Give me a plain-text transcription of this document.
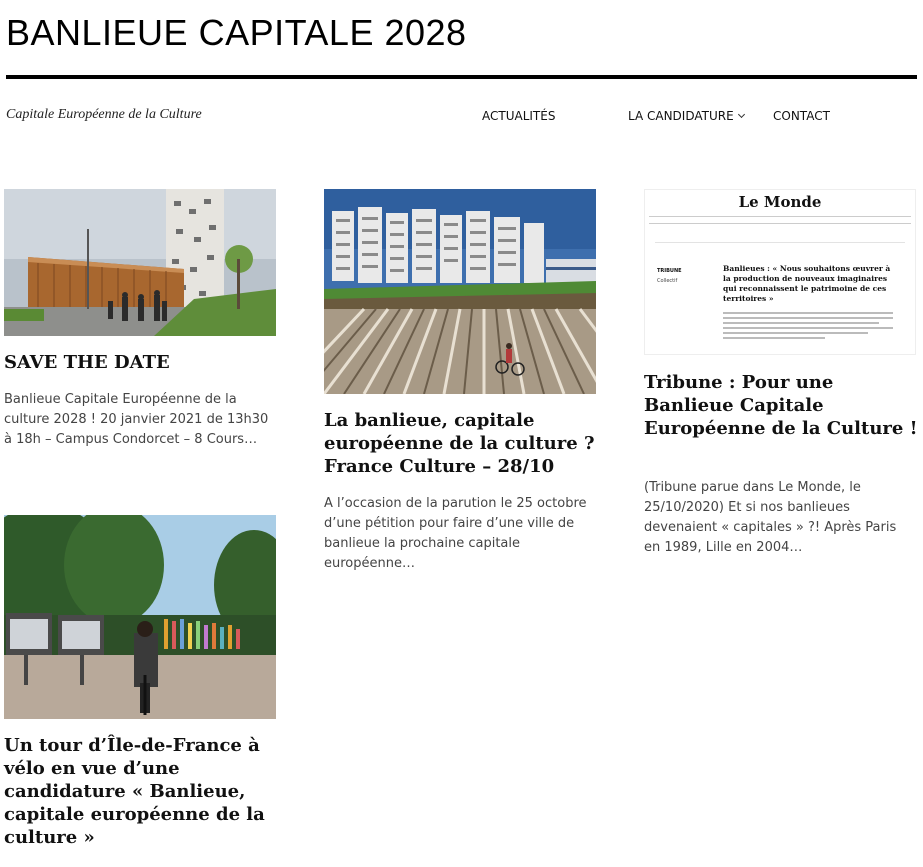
BANLIEUE CAPITALE 2028
Capitale Européenne de la Culture	ACTUALITÉS	LA CANDIDATURE	CONTACT
SAVE THE DATE

Banlieue Capitale Européenne de la culture 2028 ! 20 janvier 2021 de 13h30 à 18h – Campus Condorcet – 8 Cours…

La banlieue, capitale européenne de la culture ? France Culture – 28/10

A l’occasion de la parution le 25 octobre d’une pétition pour faire d’une ville de banlieue la prochaine capitale européenne…

Le Monde
TRIBUNE
Collectif
Banlieues : « Nous souhaitons œuvrer à la production de nouveaux imaginaires qui reconnaissent le patrimoine de ces territoires »
Tribune : Pour une Banlieue Capitale Européenne de la Culture !

(Tribune parue dans Le Monde, le 25/10/2020) Et si nos banlieues devenaient « capitales » ?! Après Paris en 1989, Lille en 2004…

Un tour d’Île-de-France à vélo en vue d’une candidature « Banlieue, capitale européenne de la culture »
